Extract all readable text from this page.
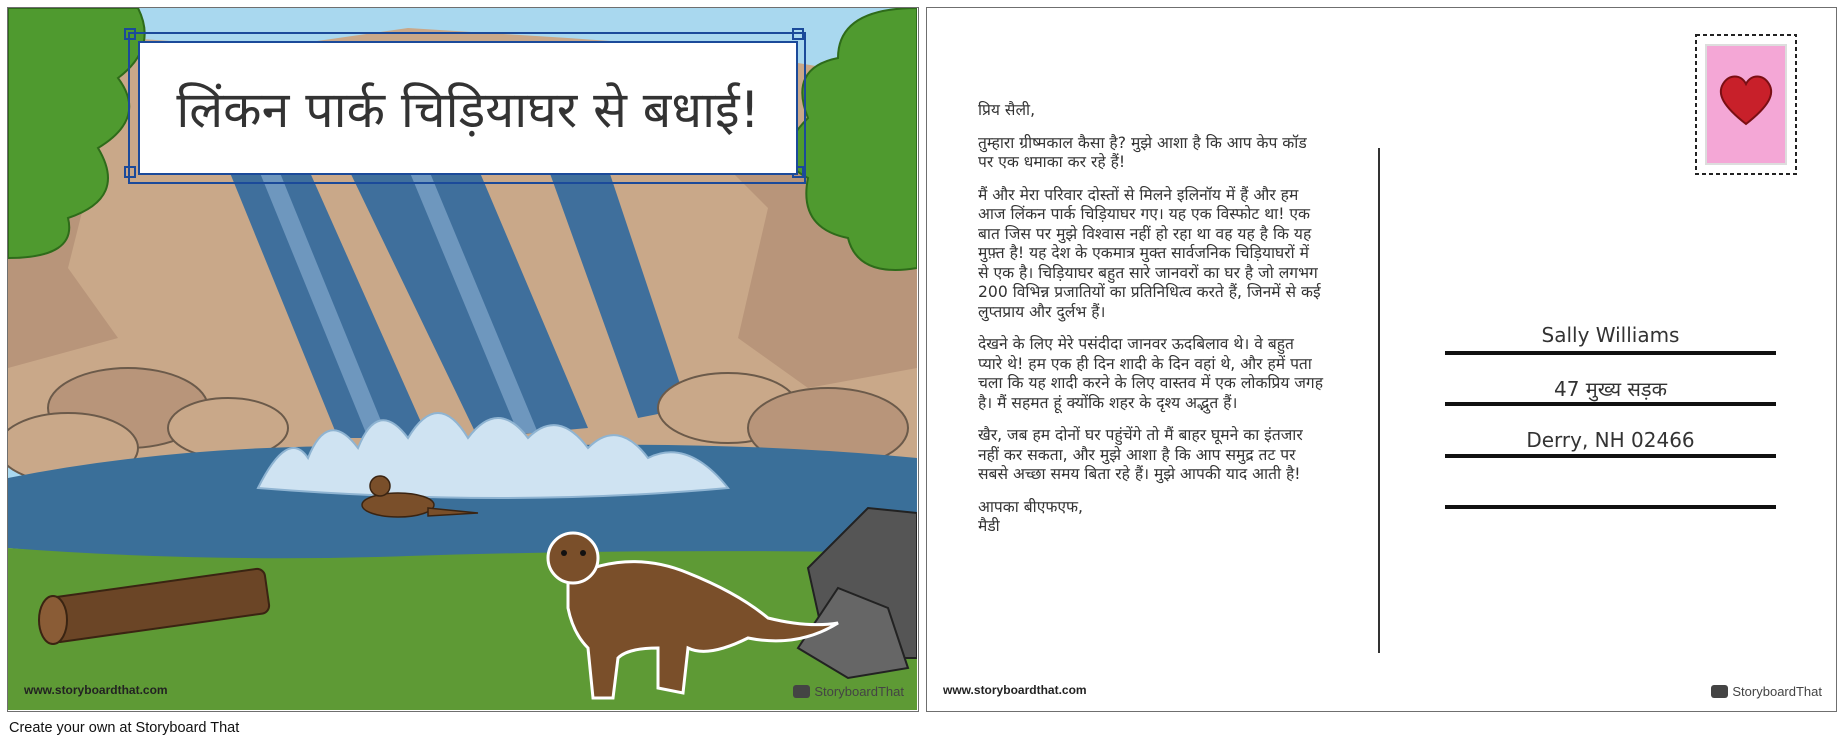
लिंकन पार्क चिड़ियाघर से बधाई!
www.storyboardthat.com	StoryboardThat

प्रिय सैली,

तुम्हारा ग्रीष्मकाल कैसा है? मुझे आशा है कि आप केप कॉड पर एक धमाका कर रहे हैं!

मैं और मेरा परिवार दोस्तों से मिलने इलिनॉय में हैं और हम आज लिंकन पार्क चिड़ियाघर गए। यह एक विस्फोट था! एक बात जिस पर मुझे विश्वास नहीं हो रहा था वह यह है कि यह मुफ़्त है! यह देश के एकमात्र मुक्त सार्वजनिक चिड़ियाघरों में से एक है। चिड़ियाघर बहुत सारे जानवरों का घर है जो लगभग 200 विभिन्न प्रजातियों का प्रतिनिधित्व करते हैं, जिनमें से कई लुप्तप्राय और दुर्लभ हैं।

देखने के लिए मेरे पसंदीदा जानवर ऊदबिलाव थे। वे बहुत प्यारे थे! हम एक ही दिन शादी के दिन वहां थे, और हमें पता चला कि यह शादी करने के लिए वास्तव में एक लोकप्रिय जगह है। मैं सहमत हूं क्योंकि शहर के दृश्य अद्भुत हैं।

खैर, जब हम दोनों घर पहुंचेंगे तो मैं बाहर घूमने का इंतजार नहीं कर सकता, और मुझे आशा है कि आप समुद्र तट पर सबसे अच्छा समय बिता रहे हैं। मुझे आपकी याद आती है!

आपका बीएफएफ,

मैडी

Sally Williams
47 मुख्य सड़क
Derry, NH 02466
www.storyboardthat.com	StoryboardThat
Create your own at Storyboard That
